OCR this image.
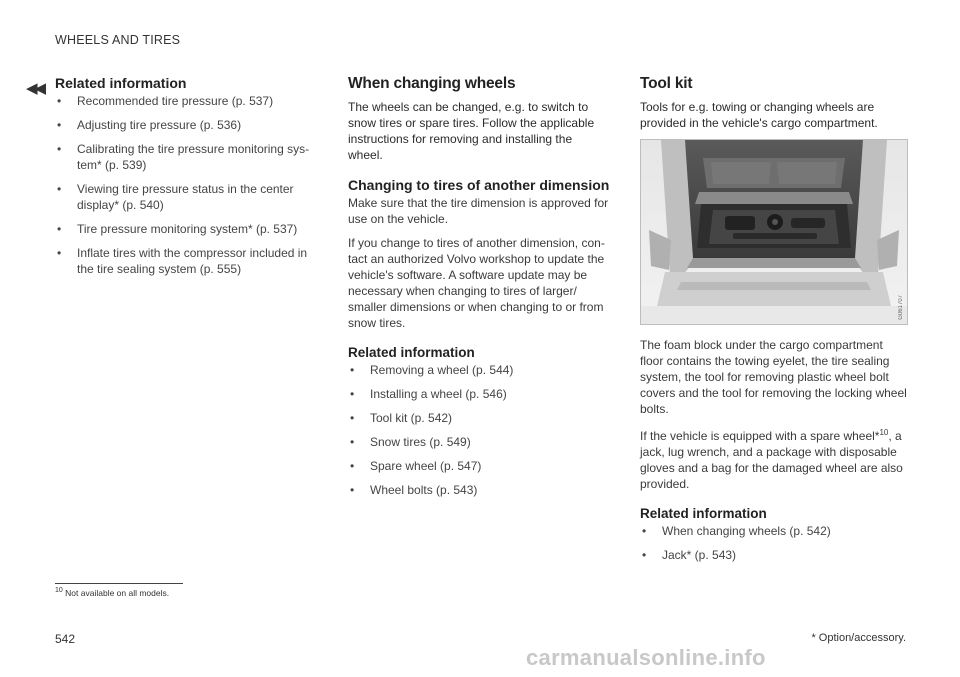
WHEELS AND TIRES
◀◀ Related information
• Recommended tire pressure (p. 537)
• Adjusting tire pressure (p. 536)
• Calibrating the tire pressure monitoring sys-tem* (p. 539)
• Viewing tire pressure status in the center display* (p. 540)
• Tire pressure monitoring system* (p. 537)
• Inflate tires with the compressor included in the tire sealing system (p. 555)
When changing wheels

The wheels can be changed, e.g. to switch to snow tires or spare tires. Follow the applicable instructions for removing and installing the wheel.

Changing to tires of another dimension

Make sure that the tire dimension is approved for use on the vehicle.

If you change to tires of another dimension, con-tact an authorized Volvo workshop to update the vehicle's software. A software update may be necessary when changing to tires of larger/ smaller dimensions or when changing to or from snow tires.

Related information
• Removing a wheel (p. 544)
• Installing a wheel (p. 546)
• Tool kit (p. 542)
• Snow tires (p. 549)
• Spare wheel (p. 547)
• Wheel bolts (p. 543)
Tool kit

Tools for e.g. towing or changing wheels are provided in the vehicle's cargo compartment.

G061707

The foam block under the cargo compartment floor contains the towing eyelet, the tire sealing system, the tool for removing plastic wheel bolt covers and the tool for removing the locking wheel bolts.

If the vehicle is equipped with a spare wheel*$^{10}$, a jack, lug wrench, and a package with disposable gloves and a bag for the damaged wheel are also provided.

Related information
• When changing wheels (p. 542)
• Jack* (p. 543)
$^{10}$ Not available on all models.
542	* Option/accessory.
carmanualsonline.info
